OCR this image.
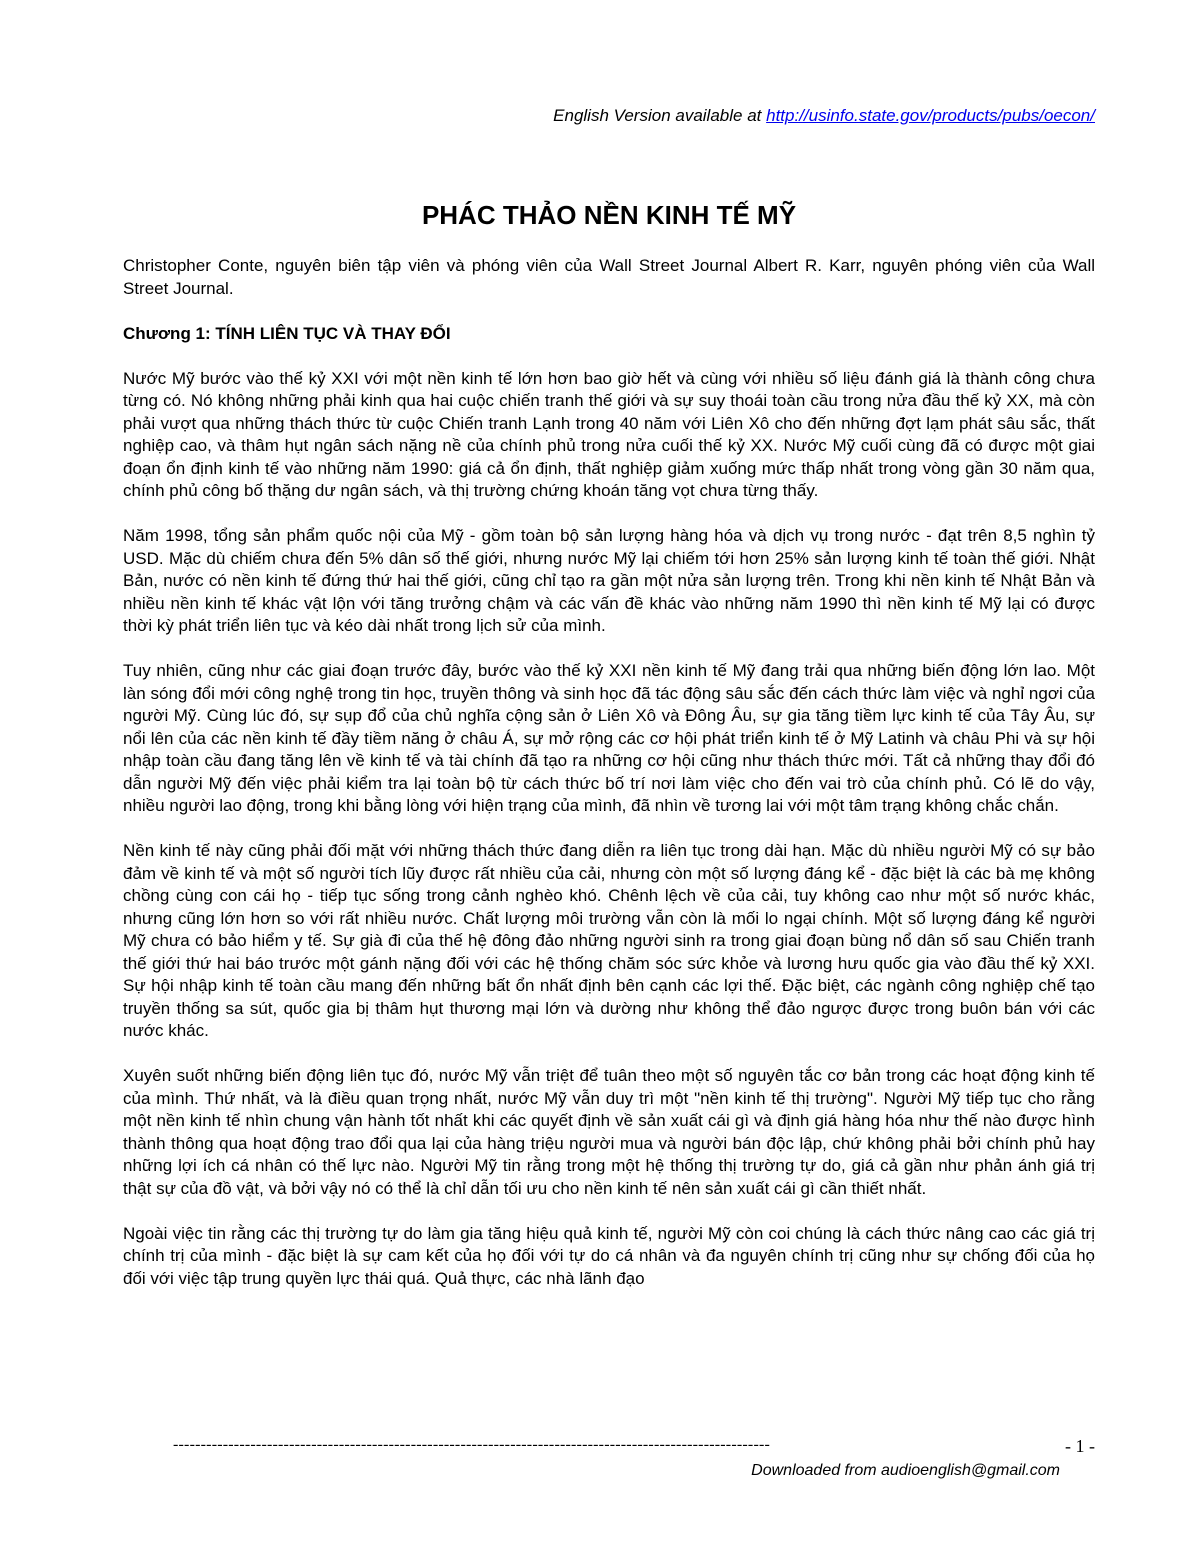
English Version available at http://usinfo.state.gov/products/pubs/oecon/
PHÁC THẢO NỀN KINH TẾ MỸ

Christopher Conte, nguyên biên tập viên và phóng viên của Wall Street Journal Albert R. Karr, nguyên phóng viên của Wall Street Journal.

Chương 1: TÍNH LIÊN TỤC VÀ THAY ĐỔI

Nước Mỹ bước vào thế kỷ XXI với một nền kinh tế lớn hơn bao giờ hết và cùng với nhiều số liệu đánh giá là thành công chưa từng có. Nó không những phải kinh qua hai cuộc chiến tranh thế giới và sự suy thoái toàn cầu trong nửa đầu thế kỷ XX, mà còn phải vượt qua những thách thức từ cuộc Chiến tranh Lạnh trong 40 năm với Liên Xô cho đến những đợt lạm phát sâu sắc, thất nghiệp cao, và thâm hụt ngân sách nặng nề của chính phủ trong nửa cuối thế kỷ XX. Nước Mỹ cuối cùng đã có được một giai đoạn ổn định kinh tế vào những năm 1990: giá cả ổn định, thất nghiệp giảm xuống mức thấp nhất trong vòng gần 30 năm qua, chính phủ công bố thặng dư ngân sách, và thị trường chứng khoán tăng vọt chưa từng thấy.

Năm 1998, tổng sản phẩm quốc nội của Mỹ - gồm toàn bộ sản lượng hàng hóa và dịch vụ trong nước - đạt trên 8,5 nghìn tỷ USD. Mặc dù chiếm chưa đến 5% dân số thế giới, nhưng nước Mỹ lại chiếm tới hơn 25% sản lượng kinh tế toàn thế giới. Nhật Bản, nước có nền kinh tế đứng thứ hai thế giới, cũng chỉ tạo ra gần một nửa sản lượng trên. Trong khi nền kinh tế Nhật Bản và nhiều nền kinh tế khác vật lộn với tăng trưởng chậm và các vấn đề khác vào những năm 1990 thì nền kinh tế Mỹ lại có được thời kỳ phát triển liên tục và kéo dài nhất trong lịch sử của mình.

Tuy nhiên, cũng như các giai đoạn trước đây, bước vào thế kỷ XXI nền kinh tế Mỹ đang trải qua những biến động lớn lao. Một làn sóng đổi mới công nghệ trong tin học, truyền thông và sinh học đã tác động sâu sắc đến cách thức làm việc và nghỉ ngơi của người Mỹ. Cùng lúc đó, sự sụp đổ của chủ nghĩa cộng sản ở Liên Xô và Đông Âu, sự gia tăng tiềm lực kinh tế của Tây Âu, sự nổi lên của các nền kinh tế đầy tiềm năng ở châu Á, sự mở rộng các cơ hội phát triển kinh tế ở Mỹ Latinh và châu Phi và sự hội nhập toàn cầu đang tăng lên về kinh tế và tài chính đã tạo ra những cơ hội cũng như thách thức mới. Tất cả những thay đổi đó dẫn người Mỹ đến việc phải kiểm tra lại toàn bộ từ cách thức bố trí nơi làm việc cho đến vai trò của chính phủ. Có lẽ do vậy, nhiều người lao động, trong khi bằng lòng với hiện trạng của mình, đã nhìn về tương lai với một tâm trạng không chắc chắn.

Nền kinh tế này cũng phải đối mặt với những thách thức đang diễn ra liên tục trong dài hạn. Mặc dù nhiều người Mỹ có sự bảo đảm về kinh tế và một số người tích lũy được rất nhiều của cải, nhưng còn một số lượng đáng kể - đặc biệt là các bà mẹ không chồng cùng con cái họ - tiếp tục sống trong cảnh nghèo khó. Chênh lệch về của cải, tuy không cao như một số nước khác, nhưng cũng lớn hơn so với rất nhiều nước. Chất lượng môi trường vẫn còn là mối lo ngại chính. Một số lượng đáng kể người Mỹ chưa có bảo hiểm y tế. Sự già đi của thế hệ đông đảo những người sinh ra trong giai đoạn bùng nổ dân số sau Chiến tranh thế giới thứ hai báo trước một gánh nặng đối với các hệ thống chăm sóc sức khỏe và lương hưu quốc gia vào đầu thế kỷ XXI. Sự hội nhập kinh tế toàn cầu mang đến những bất ổn nhất định bên cạnh các lợi thế. Đặc biệt, các ngành công nghiệp chế tạo truyền thống sa sút, quốc gia bị thâm hụt thương mại lớn và dường như không thể đảo ngược được trong buôn bán với các nước khác.

Xuyên suốt những biến động liên tục đó, nước Mỹ vẫn triệt để tuân theo một số nguyên tắc cơ bản trong các hoạt động kinh tế của mình. Thứ nhất, và là điều quan trọng nhất, nước Mỹ vẫn duy trì một "nền kinh tế thị trường". Người Mỹ tiếp tục cho rằng một nền kinh tế nhìn chung vận hành tốt nhất khi các quyết định về sản xuất cái gì và định giá hàng hóa như thế nào được hình thành thông qua hoạt động trao đổi qua lại của hàng triệu người mua và người bán độc lập, chứ không phải bởi chính phủ hay những lợi ích cá nhân có thế lực nào. Người Mỹ tin rằng trong một hệ thống thị trường tự do, giá cả gần như phản ánh giá trị thật sự của đồ vật, và bởi vậy nó có thể là chỉ dẫn tối ưu cho nền kinh tế nên sản xuất cái gì cần thiết nhất.

Ngoài việc tin rằng các thị trường tự do làm gia tăng hiệu quả kinh tế, người Mỹ còn coi chúng là cách thức nâng cao các giá trị chính trị của mình - đặc biệt là sự cam kết của họ đối với tự do cá nhân và đa nguyên chính trị cũng như sự chống đối của họ đối với việc tập trung quyền lực thái quá. Quả thực, các nhà lãnh đạo

------------------------------------------------------------------------------------------------------------	- 1 -
Downloaded from audioenglish@gmail.com
